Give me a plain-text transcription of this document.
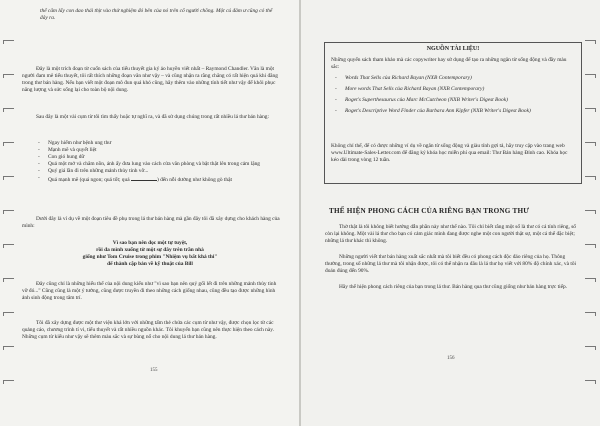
thể cắm lấy con dao thái thịt vào thử nghiệm đó bên của nó trên cổ người chồng. Một cú đâm ư cũng có thể đây ra.

Đây là một trích đoạn từ cuốn sách của tiểu thuyết gia ký ảo huyền viết nhất – Raymond Chandler. Văn là một người đam mê tiểu thuyết, tôi rất thích những đoạn văn như vậy – và cũng nhận ra rằng chẳng có rất hiện quá khi đăng trong thư bán hàng. Nếu bạn viết một đoạn mô đun quá khó cũng, hãy thêm vào những tính tiết như vậy để khôi phục năng lượng và sức sống lại cho toàn bộ nội dung.

Sau đây là một vài cụm từ tôi tìm thấy hoặc tự nghĩ ra, và đã sử dụng chúng trong rất nhiều lá thư bán hàng:

- Ngay hiểm như bệnh ung thư
- Mạnh mẽ và quyết liệt
- Con gió hung dữ
- Quả một mớ và chăm nồn, ánh ấy đưa lung vào cách cửa văn phòng và bật thật lên trong cảm lặng
- Quý giá lần đi trên những mảnh thủy tinh vỡ...
- Quá mạnh mẽ (quá ngon; quá tốt; quá	) đến nỗi dường như không gò thật

Dưới đây là ví dụ về một đoạn tiêu đề phụ trong lá thư bán hàng mà gần đây tôi đã xây dựng cho khách hàng của mình:

Vì sao bạn nên đọc một tự tuyệt,
rồi đa mình xuống từ một sự đây trên trần nhà
giống như Tom Cruise trong phim "Nhiệm vụ bất khả thi"
để thành cặp bản về kỹ thuật của Bill

Đây cũng chỉ là những hiểu thể của nội dung kiểu như "vì sao bạn nên quý gối lết đi trên những mảnh thủy tinh vỡ đó..." Cũng cũng là một ý tưởng, cũng được truyền đi theo những cách giống nhau, cũng đều tạo được những hình ảnh sinh động trong tâm trí.

Tôi đã xây dựng được một thư viện khá lớn với những tấm thẻ chứa các cụm từ như vậy, được chọn lọc từ các quảng cáo, chương trình tí vi, tiểu thuyết và rất nhiều nguồn khác. Tôi khuyến bạn cũng nên thực hiện theo cách này. Những cụm từ kiểu như vậy sẽ thêm màu sắc và sự bùng nổ cho nội dung lá thư bán hàng.

155
NGUỒN TÀI LIỆU!

Những quyển sách tham khảo mà các copywriter hay sử dụng để tạo ra những ngân từ sống động và đầy màu sắc:

- Words That Sells của Richard Bayan (NXB Contemporary)
- More words That Sells của Richard Bayan (NXB Contemporary)
- Roget's Superthesaurus của Marc McCutcheon (NXB Writer's Digest Book)
- Roget's Descriptive Word Finder của Barbara Ann Kipfer (NXB Writer's Digest Book)

Không chỉ thế, để có được những ví dụ về ngân từ sống động và giàu tính gợi tả, hãy truy cập vào trang web www.Ultimate-Sales-Letter.com để đăng ký khóa học miễn phí qua email: Thư Bán hàng Đỉnh cao. Khóa học kéo dài trong vòng 12 tuần.

THỂ HIỆN PHONG CÁCH CỦA RIÊNG BẠN TRONG THƯ

Thờ thật là tôi không biết hướng dẫn phần này như thế nào. Tôi chỉ biết rằng một số là thư có cá tính riêng, số còn lại không. Một vài lá thư cho bạn có cảm giác mình đang được nghe một con người thật sự, một cá thể đặc biệt; những lá thư khác thì không.

Những người viết thư bán hàng xuất sắc nhất mà tôi biết đều có phong cách độc đáo riêng của họ. Thông thường, trong số những lá thư mà tôi nhận được, tôi có thể nhận ra đâu là lá thư họ viết với 80% độ chính xác, và tôi đoán đúng đến 90%.

Hãy thể hiện phong cách riêng của bạn trong lá thư. Bán hàng qua thư cũng giống như bán hàng trực tiếp.

156
